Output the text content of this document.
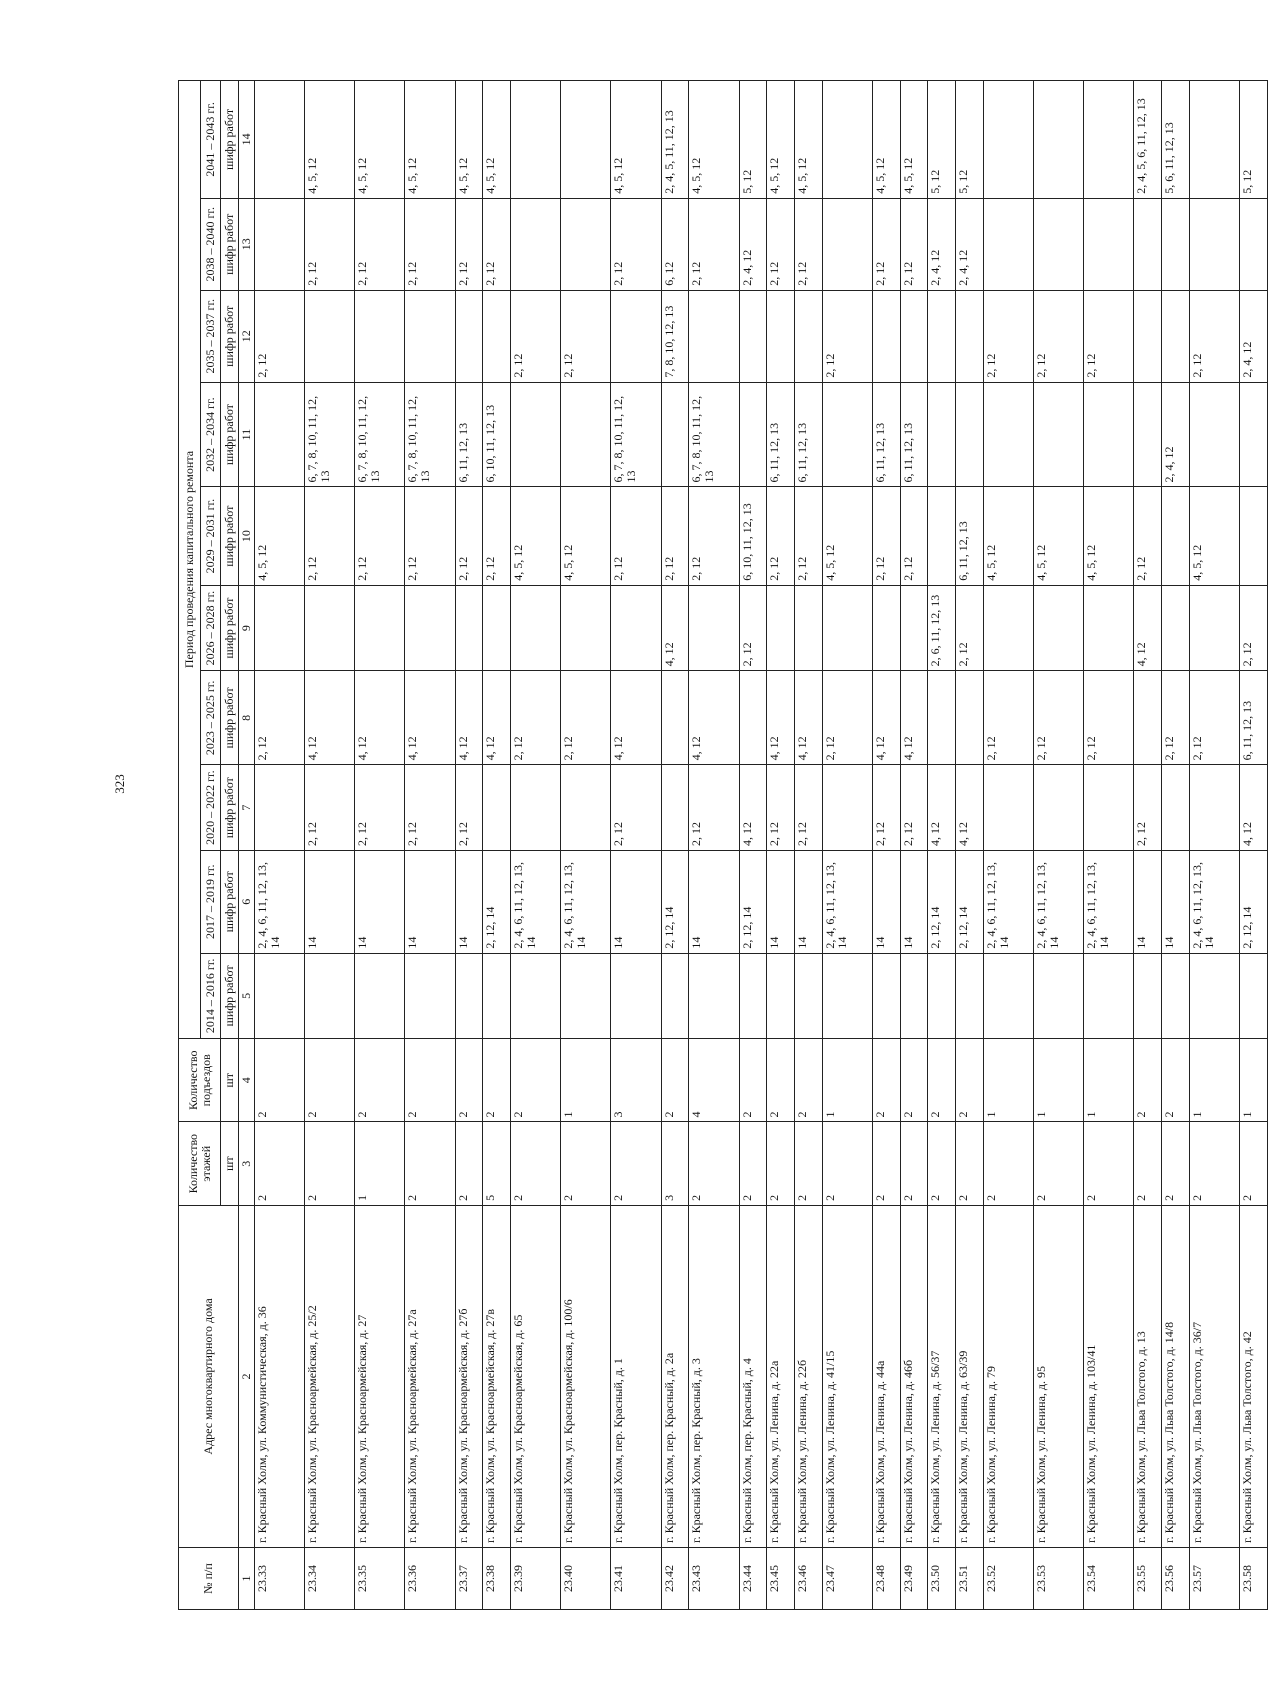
323
№ п/п	Адрес многоквартирного дома	Количество этажей	Количество подъездов	Период проведения капитального ремонта									
				2014 – 2016 гг.	2017 – 2019 гг.	2020 – 2022 гг.	2023 – 2025 гг.	2026 – 2028 гг.	2029 – 2031 гг.	2032 – 2034 гг.	2035 – 2037 гг.	2038 – 2040 гг.	2041 – 2043 гг.
		шт	шт	шифр работ	шифр работ	шифр работ	шифр работ	шифр работ	шифр работ	шифр работ	шифр работ	шифр работ	шифр работ
1	2	3	4	5	6	7	8	9	10	11	12	13	14
23.33	г. Красный Холм, ул. Коммунистическая, д. 36	2	2		2, 4, 6, 11, 12, 13, 14		2, 12		4, 5, 12		2, 12		
23.34	г. Красный Холм, ул. Красноармейская, д. 25/2	2	2		14	2, 12	4, 12		2, 12	6, 7, 8, 10, 11, 12, 13		2, 12	4, 5, 12
23.35	г. Красный Холм, ул. Красноармейская, д. 27	1	2		14	2, 12	4, 12		2, 12	6, 7, 8, 10, 11, 12, 13		2, 12	4, 5, 12
23.36	г. Красный Холм, ул. Красноармейская, д. 27а	2	2		14	2, 12	4, 12		2, 12	6, 7, 8, 10, 11, 12, 13		2, 12	4, 5, 12
23.37	г. Красный Холм, ул. Красноармейская, д. 27б	2	2		14	2, 12	4, 12		2, 12	6, 11, 12, 13		2, 12	4, 5, 12
23.38	г. Красный Холм, ул. Красноармейская, д. 27в	5	2		2, 12, 14		4, 12		2, 12	6, 10, 11, 12, 13		2, 12	4, 5, 12
23.39	г. Красный Холм, ул. Красноармейская, д. 65	2	2		2, 4, 6, 11, 12, 13, 14		2, 12		4, 5, 12		2, 12		
23.40	г. Красный Холм, ул. Красноармейская, д. 100/6	2	1		2, 4, 6, 11, 12, 13, 14		2, 12		4, 5, 12		2, 12		
23.41	г. Красный Холм, пер. Красный, д. 1	2	3		14	2, 12	4, 12		2, 12	6, 7, 8, 10, 11, 12, 13		2, 12	4, 5, 12
23.42	г. Красный Холм, пер. Красный, д. 2а	3	2		2, 12, 14			4, 12	2, 12		7, 8, 10, 12, 13	6, 12	2, 4, 5, 11, 12, 13
23.43	г. Красный Холм, пер. Красный, д. 3	2	4		14	2, 12	4, 12		2, 12	6, 7, 8, 10, 11, 12, 13		2, 12	4, 5, 12
23.44	г. Красный Холм, пер. Красный, д. 4	2	2		2, 12, 14	4, 12		2, 12	6, 10, 11, 12, 13			2, 4, 12	5, 12
23.45	г. Красный Холм, ул. Ленина, д. 22а	2	2		14	2, 12	4, 12		2, 12	6, 11, 12, 13		2, 12	4, 5, 12
23.46	г. Красный Холм, ул. Ленина, д. 22б	2	2		14	2, 12	4, 12		2, 12	6, 11, 12, 13		2, 12	4, 5, 12
23.47	г. Красный Холм, ул. Ленина, д. 41/15	2	1		2, 4, 6, 11, 12, 13, 14		2, 12		4, 5, 12		2, 12		
23.48	г. Красный Холм, ул. Ленина, д. 44а	2	2		14	2, 12	4, 12		2, 12	6, 11, 12, 13		2, 12	4, 5, 12
23.49	г. Красный Холм, ул. Ленина, д. 46б	2	2		14	2, 12	4, 12		2, 12	6, 11, 12, 13		2, 12	4, 5, 12
23.50	г. Красный Холм, ул. Ленина, д. 56/37	2	2		2, 12, 14	4, 12		2, 6, 11, 12, 13				2, 4, 12	5, 12
23.51	г. Красный Холм, ул. Ленина, д. 63/39	2	2		2, 12, 14	4, 12		2, 12	6, 11, 12, 13			2, 4, 12	5, 12
23.52	г. Красный Холм, ул. Ленина, д. 79	2	1		2, 4, 6, 11, 12, 13, 14		2, 12		4, 5, 12		2, 12		
23.53	г. Красный Холм, ул. Ленина, д. 95	2	1		2, 4, 6, 11, 12, 13, 14		2, 12		4, 5, 12		2, 12		
23.54	г. Красный Холм, ул. Ленина, д. 103/41	2	1		2, 4, 6, 11, 12, 13, 14		2, 12		4, 5, 12		2, 12		
23.55	г. Красный Холм, ул. Льва Толстого, д. 13	2	2		14	2, 12		4, 12	2, 12				2, 4, 5, 6, 11, 12, 13
23.56	г. Красный Холм, ул. Льва Толстого, д. 14/8	2	2		14		2, 12			2, 4, 12			5, 6, 11, 12, 13
23.57	г. Красный Холм, ул. Льва Толстого, д. 36/7	2	1		2, 4, 6, 11, 12, 13, 14		2, 12		4, 5, 12		2, 12		
23.58	г. Красный Холм, ул. Льва Толстого, д. 42	2	1		2, 12, 14	4, 12	6, 11, 12, 13	2, 12			2, 4, 12		5, 12
